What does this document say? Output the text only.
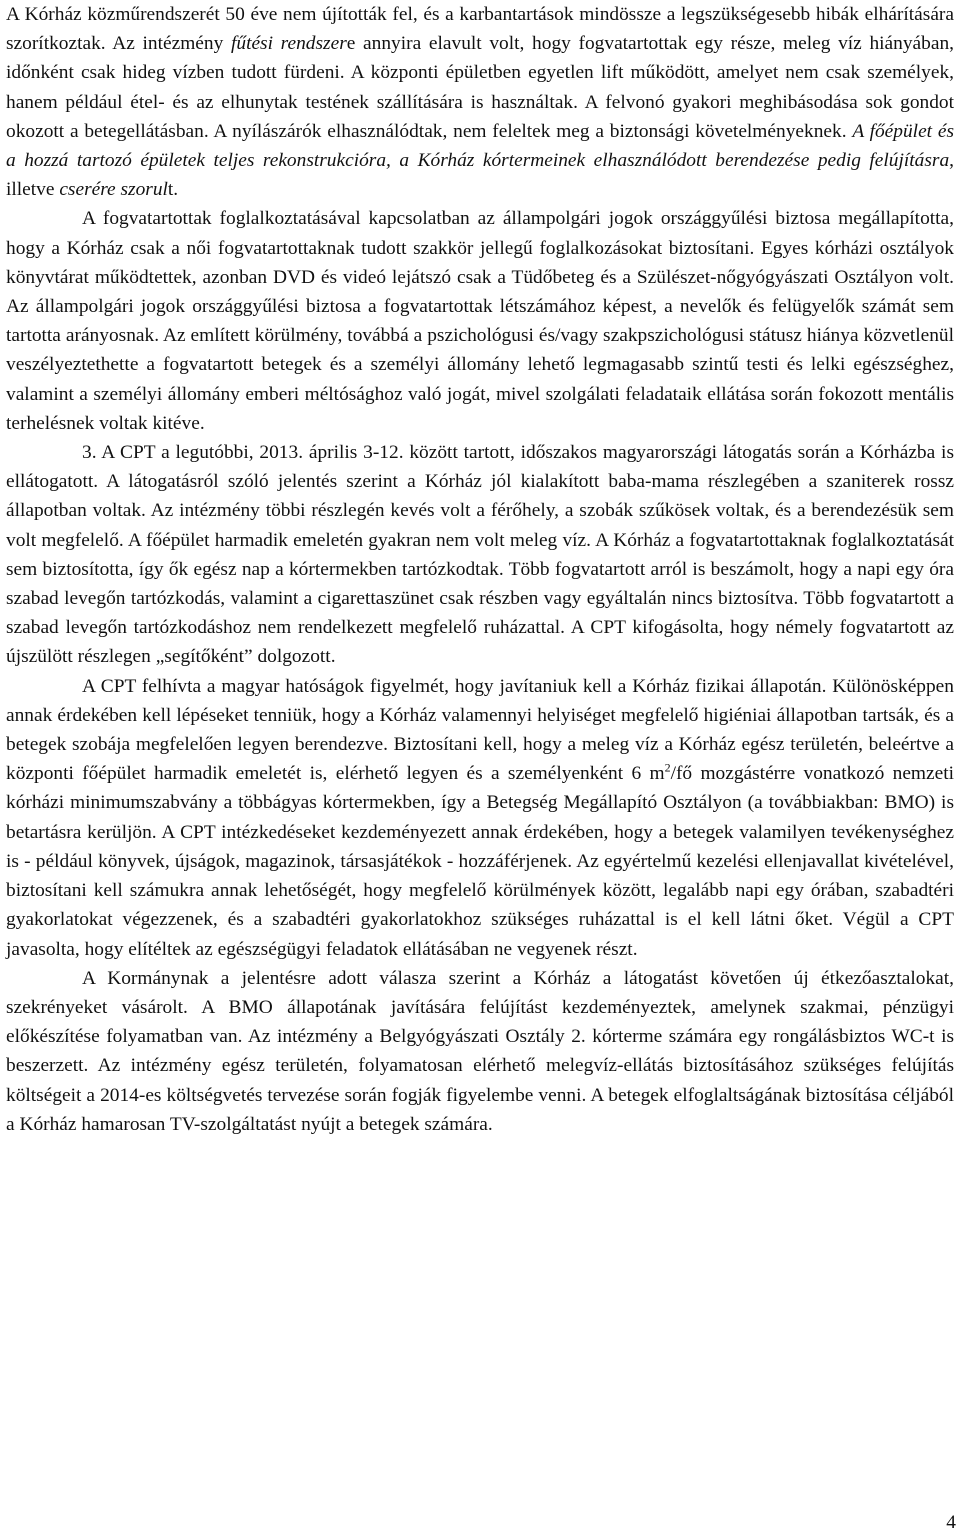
A Kórház közműrendszerét 50 éve nem újították fel, és a karbantartások mindössze a legszükségesebb hibák elhárítására szorítkoztak. Az intézmény fűtési rendszere annyira elavult volt, hogy fogvatartottak egy része, meleg víz hiányában, időnként csak hideg vízben tudott fürdeni. A központi épületben egyetlen lift működött, amelyet nem csak személyek, hanem például étel- és az elhunytak testének szállítására is használtak. A felvonó gyakori meghibásodása sok gondot okozott a betegellátásban. A nyílászárók elhasználódtak, nem feleltek meg a biztonsági követelményeknek. A főépület és a hozzá tartozó épületek teljes rekonstrukcióra, a Kórház kórtermeinek elhasználódott berendezése pedig felújításra, illetve cserére szorult.

A fogvatartottak foglalkoztatásával kapcsolatban az állampolgári jogok országgyűlési biztosa megállapította, hogy a Kórház csak a női fogvatartottaknak tudott szakkör jellegű foglalkozásokat biztosítani. Egyes kórházi osztályok könyvtárat működtettek, azonban DVD és videó lejátszó csak a Tüdőbeteg és a Szülészet-nőgyógyászati Osztályon volt. Az állampolgári jogok országgyűlési biztosa a fogvatartottak létszámához képest, a nevelők és felügyelők számát sem tartotta arányosnak. Az említett körülmény, továbbá a pszichológusi és/vagy szakpszichológusi státusz hiánya közvetlenül veszélyeztethette a fogvatartott betegek és a személyi állomány lehető legmagasabb szintű testi és lelki egészséghez, valamint a személyi állomány emberi méltósághoz való jogát, mivel szolgálati feladataik ellátása során fokozott mentális terhelésnek voltak kitéve.

3. A CPT a legutóbbi, 2013. április 3-12. között tartott, időszakos magyarországi látogatás során a Kórházba is ellátogatott. A látogatásról szóló jelentés szerint a Kórház jól kialakított baba-mama részlegében a szaniterek rossz állapotban voltak. Az intézmény többi részlegén kevés volt a férőhely, a szobák szűkösek voltak, és a berendezésük sem volt megfelelő. A főépület harmadik emeletén gyakran nem volt meleg víz. A Kórház a fogvatartottaknak foglalkoztatását sem biztosította, így ők egész nap a kórtermekben tartózkodtak. Több fogvatartott arról is beszámolt, hogy a napi egy óra szabad levegőn tartózkodás, valamint a cigarettaszünet csak részben vagy egyáltalán nincs biztosítva. Több fogvatartott a szabad levegőn tartózkodáshoz nem rendelkezett megfelelő ruházattal. A CPT kifogásolta, hogy némely fogvatartott az újszülött részlegen „segítőként” dolgozott.

A CPT felhívta a magyar hatóságok figyelmét, hogy javítaniuk kell a Kórház fizikai állapotán. Különösképpen annak érdekében kell lépéseket tenniük, hogy a Kórház valamennyi helyiséget megfelelő higiéniai állapotban tartsák, és a betegek szobája megfelelően legyen berendezve. Biztosítani kell, hogy a meleg víz a Kórház egész területén, beleértve a központi főépület harmadik emeletét is, elérhető legyen és a személyenként 6 $m^2/fő$ mozgástérre vonatkozó nemzeti kórházi minimumszabvány a többágyas kórtermekben, így a Betegség Megállapító Osztályon (a továbbiakban: BMO) is betartásra kerüljön. A CPT intézkedéseket kezdeményezett annak érdekében, hogy a betegek valamilyen tevékenységhez is - például könyvek, újságok, magazinok, társasjátékok - hozzáférjenek. Az egyértelmű kezelési ellenjavallat kivételével, biztosítani kell számukra annak lehetőségét, hogy megfelelő körülmények között, legalább napi egy órában, szabadtéri gyakorlatokat végezzenek, és a szabadtéri gyakorlatokhoz szükséges ruházattal is el kell látni őket. Végül a CPT javasolta, hogy elítéltek az egészségügyi feladatok ellátásában ne vegyenek részt.

A Kormánynak a jelentésre adott válasza szerint a Kórház a látogatást követően új étkezőasztalokat, szekrényeket vásárolt. A BMO állapotának javítására felújítást kezdeményeztek, amelynek szakmai, pénzügyi előkészítése folyamatban van. Az intézmény a Belgyógyászati Osztály 2. kórterme számára egy rongálásbiztos WC-t is beszerzett. Az intézmény egész területén, folyamatosan elérhető melegvíz-ellátás biztosításához szükséges felújítás költségeit a 2014-es költségvetés tervezése során fogják figyelembe venni. A betegek elfoglaltságának biztosítása céljából a Kórház hamarosan TV-szolgáltatást nyújt a betegek számára.

4
